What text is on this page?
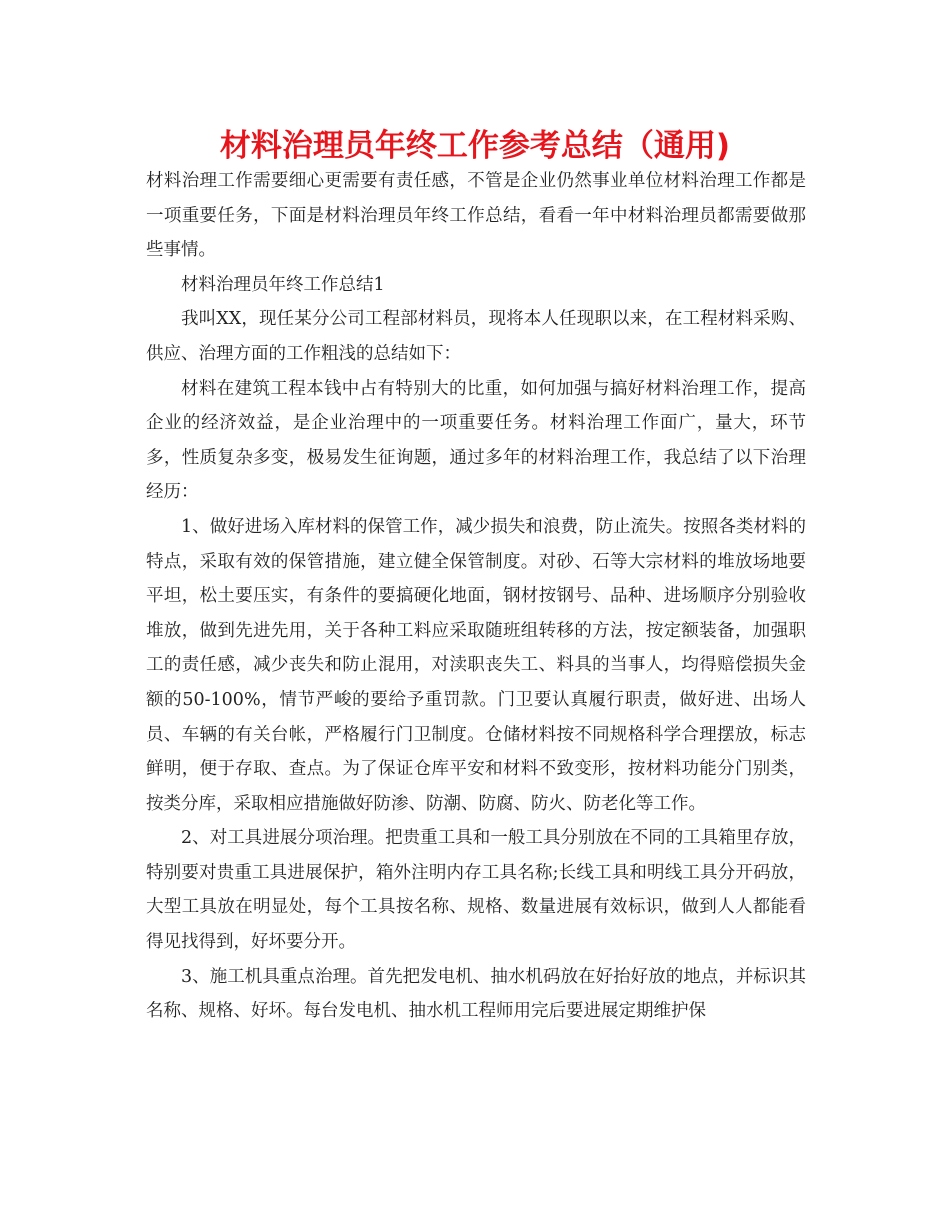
材料治理员年终工作参考总结（通用)

材料治理工作需要细心更需要有责任感，不管是企业仍然事业单位材料治理工作都是一项重要任务，下面是材料治理员年终工作总结，看看一年中材料治理员都需要做那些事情。

材料治理员年终工作总结1

我叫XX，现任某分公司工程部材料员，现将本人任现职以来，在工程材料采购、供应、治理方面的工作粗浅的总结如下：

材料在建筑工程本钱中占有特别大的比重，如何加强与搞好材料治理工作，提高企业的经济效益，是企业治理中的一项重要任务。材料治理工作面广，量大，环节多，性质复杂多变，极易发生征询题，通过多年的材料治理工作，我总结了以下治理经历：

1、做好进场入库材料的保管工作，减少损失和浪费，防止流失。按照各类材料的特点，采取有效的保管措施，建立健全保管制度。对砂、石等大宗材料的堆放场地要平坦，松土要压实，有条件的要搞硬化地面，钢材按钢号、品种、进场顺序分别验收堆放，做到先进先用，关于各种工料应采取随班组转移的方法，按定额装备，加强职工的责任感，减少丧失和防止混用，对渎职丧失工、料具的当事人，均得赔偿损失金额的50-100%，情节严峻的要给予重罚款。门卫要认真履行职责，做好进、出场人员、车辆的有关台帐，严格履行门卫制度。仓储材料按不同规格科学合理摆放，标志鲜明，便于存取、查点。为了保证仓库平安和材料不致变形，按材料功能分门别类，按类分库，采取相应措施做好防渗、防潮、防腐、防火、防老化等工作。

2、对工具进展分项治理。把贵重工具和一般工具分别放在不同的工具箱里存放，特别要对贵重工具进展保护，箱外注明内存工具名称;长线工具和明线工具分开码放，大型工具放在明显处，每个工具按名称、规格、数量进展有效标识，做到人人都能看得见找得到，好坏要分开。

3、施工机具重点治理。首先把发电机、抽水机码放在好抬好放的地点，并标识其名称、规格、好坏。每台发电机、抽水机工程师用完后要进展定期维护保
